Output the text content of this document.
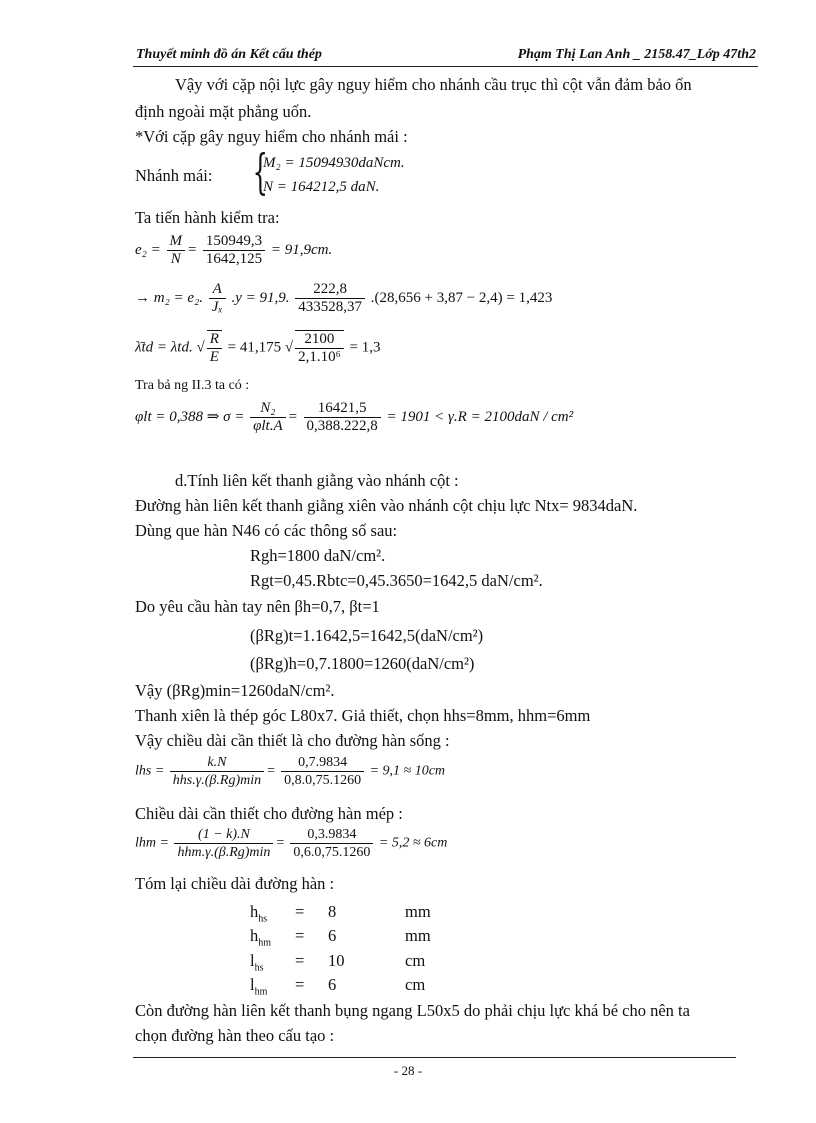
Thuyết minh đồ án Kết cấu thép	Phạm Thị Lan Anh _ 2158.47_Lớp 47th2
Vậy với cặp nội lực gây nguy hiểm cho nhánh cầu trục thì cột vẫn đảm bảo ổn
định ngoài mặt phẳng uốn.
*Với cặp gây nguy hiểm cho nhánh mái :
Nhánh mái: {
M₂ = 15094930daNcm.
N = 164212,5 daN.
Ta tiến hành kiểm tra:
$e_2 = \frac{M}{N} = \frac{150949,3}{1642,125} = 91,9cm$.
→ m₂ = e₂. $\frac{A}{\text{Jₓ}} .y = 91,9$. $\frac{222,8}{433528,37} .(28,656 + 3,87 - 2,4) = 1,423$
λ̄td = λtd. √ $\frac{R}{E} = 41,175$ √ $\frac{2100}{\text{2,1.10⁶}} = 1,3$
Tra bả ng II.3 ta có :
φlt = 0,388 ⇒ $\sigma = \frac{\text{N₂}}{\text{φlt.A}} = \frac{16421,5}{0,388.222,8} = 1901 < \gamma.R = 2100daN / cm^2$
d.Tính liên kết thanh giằng vào nhánh cột :
Đường hàn liên kết thanh giằng xiên vào nhánh cột chịu lực Ntx= 9834daN.
Dùng que hàn N46 có các thông số sau:
Rgh=1800 daN/cm².
Rgt=0,45.Rbtc=0,45.3650=1642,5 daN/cm².
Do yêu cầu hàn tay nên βh=0,7, βt=1
(βRg)t=1.1642,5=1642,5(daN/cm²)
(βRg)h=0,7.1800=1260(daN/cm²)
Vậy (βRg)min=1260daN/cm².
Thanh xiên là thép góc L80x7. Giả thiết, chọn hhs=8mm, hhm=6mm
Vậy chiều dài cần thiết là cho đường hàn sống :
lhs = $\frac{k.N}{\text{hhs.γ.(β.Rg)min}} = \frac{0,7.9834}{0,8.0,75.1260} = 9,1 \approx 10cm$
Chiều dài cần thiết cho đường hàn mép :
lhm = $\frac{(1 - k).N}{\text{hhm.γ.(β.Rg)min}} = \frac{0,3.9834}{0,6.0,75.1260} = 5,2 \approx 6cm$
Tóm lại chiều dài đường hàn :
$h_{hs} = 8$	mm
$h_{hm} = 6$	mm
$l_{hs} = 10$	cm
$l_{hm} = 6$	cm
Còn đường hàn liên kết thanh bụng ngang L50x5 do phải chịu lực khá bé cho nên ta
chọn đường hàn theo cấu tạo :
- 28 -
